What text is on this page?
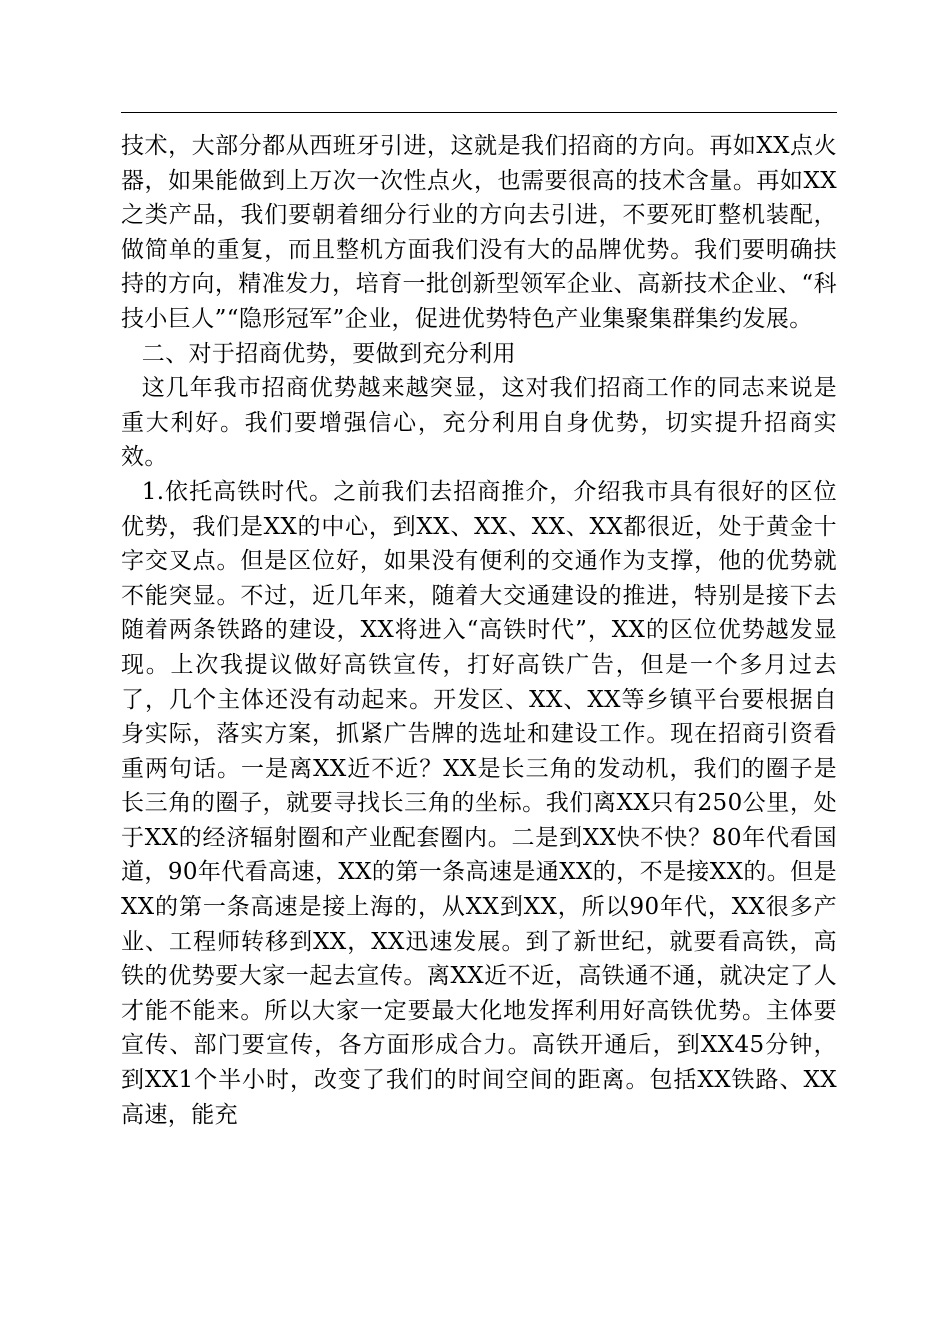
技术，大部分都从西班牙引进，这就是我们招商的方向。再如XX点火器，如果能做到上万次一次性点火，也需要很高的技术含量。再如XX之类产品，我们要朝着细分行业的方向去引进，不要死盯整机装配，做简单的重复，而且整机方面我们没有大的品牌优势。我们要明确扶持的方向，精准发力，培育一批创新型领军企业、高新技术企业、“科技小巨人”“隐形冠军”企业，促进优势特色产业集聚集群集约发展。

二、对于招商优势，要做到充分利用

这几年我市招商优势越来越突显，这对我们招商工作的同志来说是重大利好。我们要增强信心，充分利用自身优势，切实提升招商实效。

1.依托高铁时代。之前我们去招商推介，介绍我市具有很好的区位优势，我们是XX的中心，到XX、XX、XX、XX都很近，处于黄金十字交叉点。但是区位好，如果没有便利的交通作为支撑，他的优势就不能突显。不过，近几年来，随着大交通建设的推进，特别是接下去随着两条铁路的建设，XX将进入“高铁时代”，XX的区位优势越发显现。上次我提议做好高铁宣传，打好高铁广告，但是一个多月过去了，几个主体还没有动起来。开发区、XX、XX等乡镇平台要根据自身实际，落实方案，抓紧广告牌的选址和建设工作。现在招商引资看重两句话。一是离XX近不近？XX是长三角的发动机，我们的圈子是长三角的圈子，就要寻找长三角的坐标。我们离XX只有250公里，处于XX的经济辐射圈和产业配套圈内。二是到XX快不快？80年代看国道，90年代看高速，XX的第一条高速是通XX的，不是接XX的。但是XX的第一条高速是接上海的，从XX到XX，所以90年代，XX很多产业、工程师转移到XX，XX迅速发展。到了新世纪，就要看高铁，高铁的优势要大家一起去宣传。离XX近不近，高铁通不通，就决定了人才能不能来。所以大家一定要最大化地发挥利用好高铁优势。主体要宣传、部门要宣传，各方面形成合力。高铁开通后，到XX45分钟，到XX1个半小时，改变了我们的时间空间的距离。包括XX铁路、XX高速，能充
